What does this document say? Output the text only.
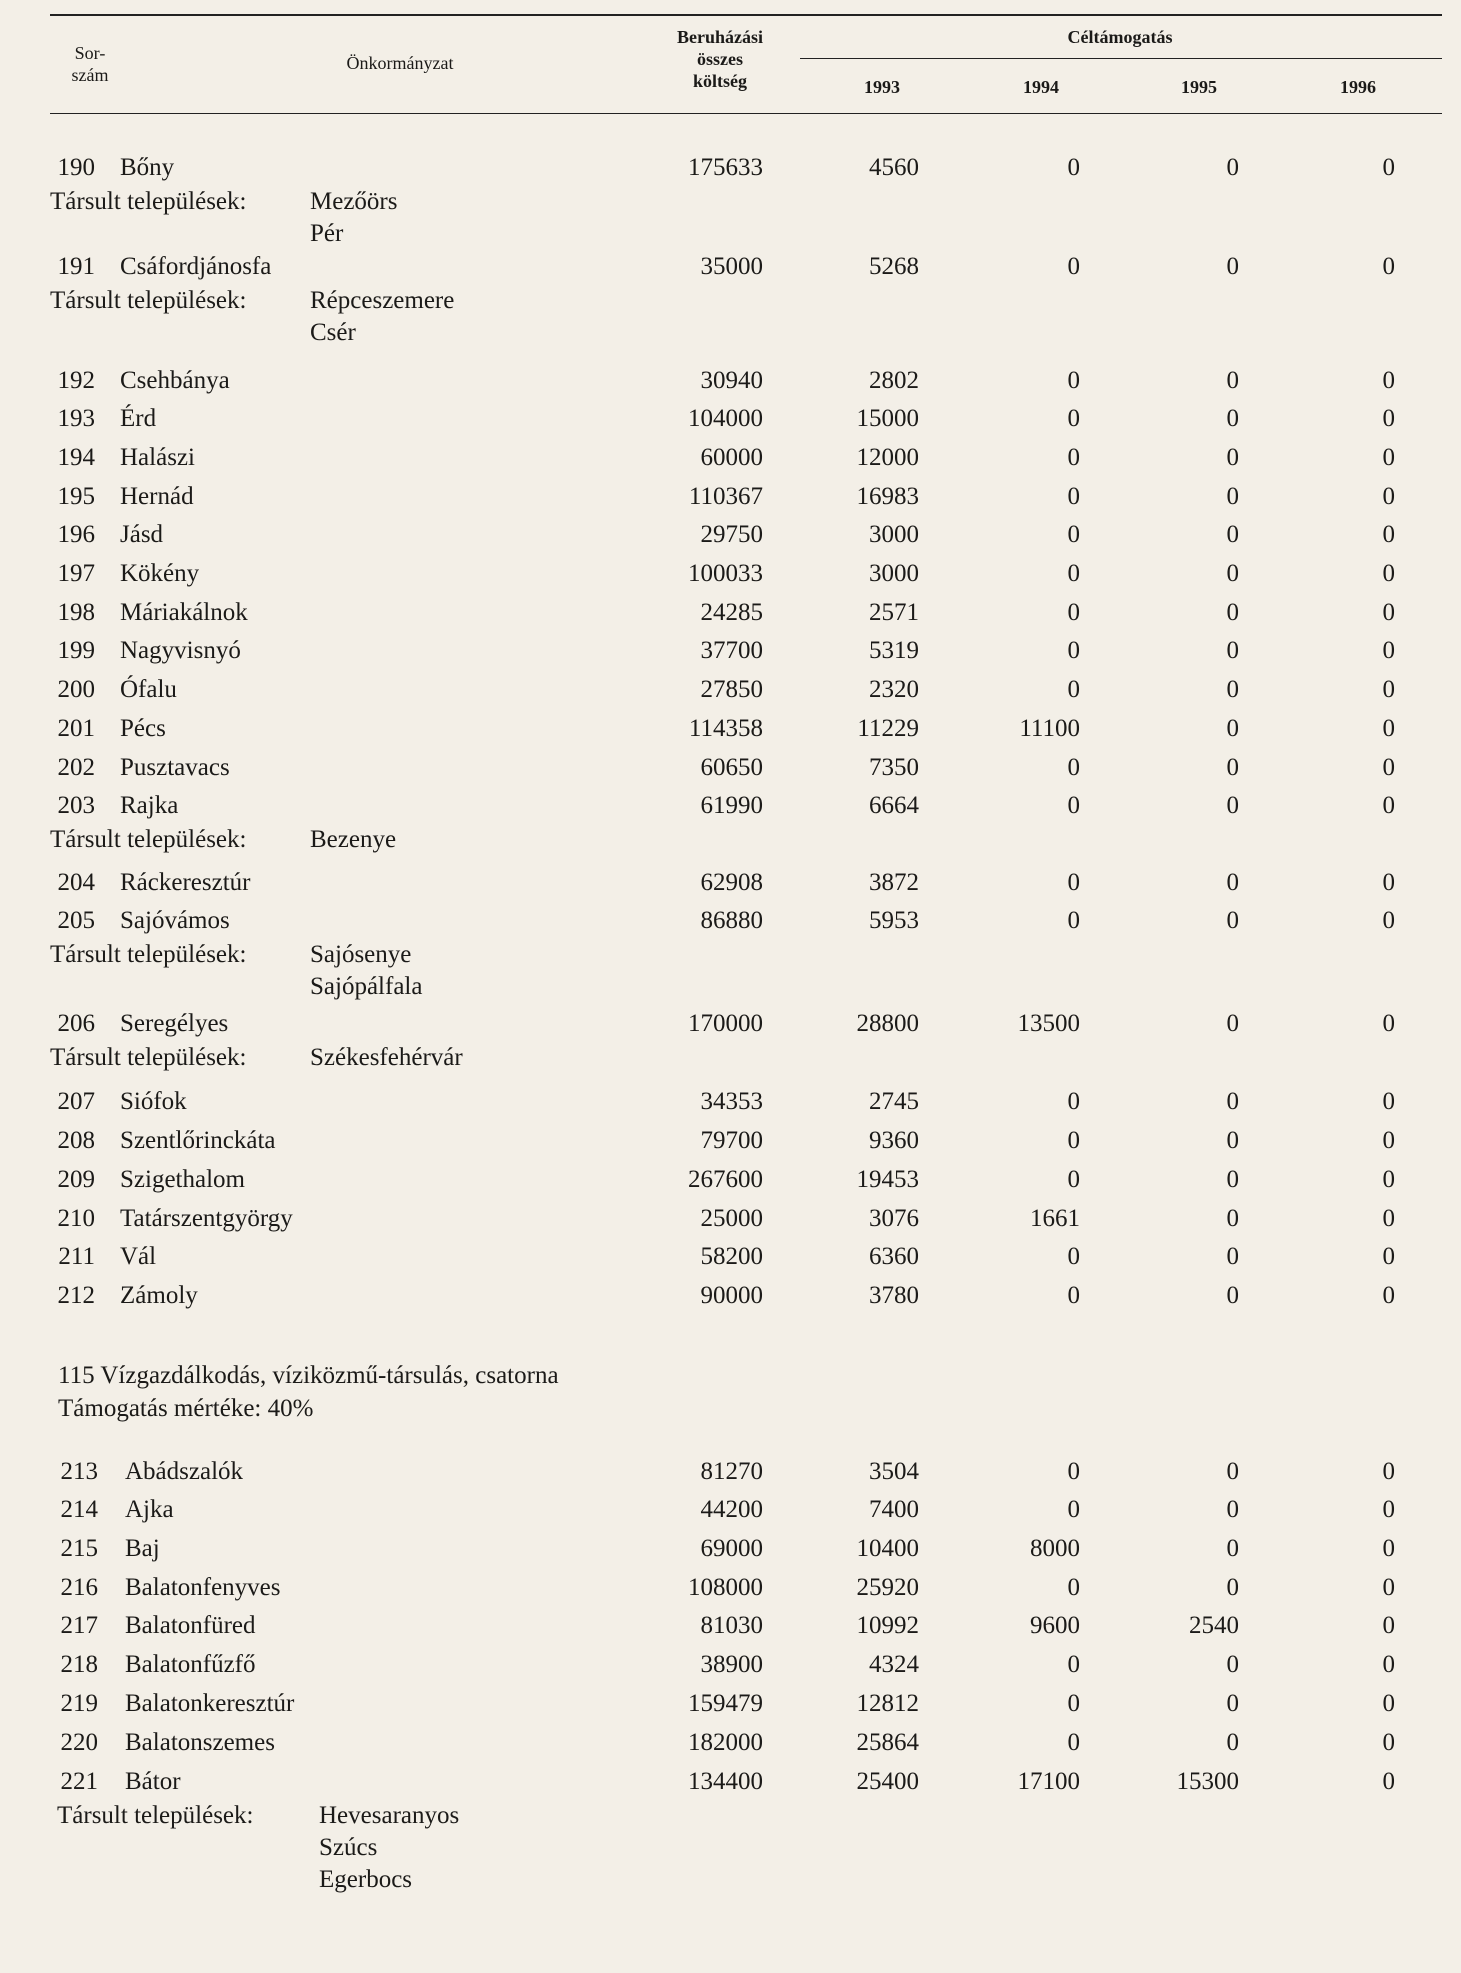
Sor-
szám
Önkormányzat
Beruházási
összes
költség
Céltámogatás
1993	1994	1995	1996
190 Bőny	175633	4560	0	0	0
Társult települések:	Mezőörs
Pér
191 Csáfordjánosfa	35000	5268	0	0	0
Társult települések:	Répceszemere
Csér
192 Csehbánya	30940	2802	0	0	0
193 Érd	104000	15000	0	0	0
194 Halászi	60000	12000	0	0	0
195 Hernád	110367	16983	0	0	0
196 Jásd	29750	3000	0	0	0
197 Kökény	100033	3000	0	0	0
198 Máriakálnok	24285	2571	0	0	0
199 Nagyvisnyó	37700	5319	0	0	0
200 Ófalu	27850	2320	0	0	0
201 Pécs	114358	11229	11100	0	0
202 Pusztavacs	60650	7350	0	0	0
203 Rajka	61990	6664	0	0	0
Társult települések:	Bezenye
204 Ráckeresztúr	62908	3872	0	0	0
205 Sajóvámos	86880	5953	0	0	0
Társult települések:	Sajósenye
Sajópálfala
206 Seregélyes	170000	28800	13500	0	0
Társult települések:	Székesfehérvár
207 Siófok	34353	2745	0	0	0
208 Szentlőrinckáta	79700	9360	0	0	0
209 Szigethalom	267600	19453	0	0	0
210 Tatárszentgyörgy	25000	3076	1661	0	0
211 Vál	58200	6360	0	0	0
212 Zámoly	90000	3780	0	0	0
115 Vízgazdálkodás, víziközmű-társulás, csatorna
Támogatás mértéke: 40%
213 Abádszalók	81270	3504	0	0	0
214 Ajka	44200	7400	0	0	0
215 Baj	69000	10400	8000	0	0
216 Balatonfenyves	108000	25920	0	0	0
217 Balatonfüred	81030	10992	9600	2540	0
218 Balatonfűzfő	38900	4324	0	0	0
219 Balatonkeresztúr	159479	12812	0	0	0
220 Balatonszemes	182000	25864	0	0	0
221 Bátor	134400	25400	17100	15300	0
Társult települések:	Hevesaranyos
Szúcs
Egerbocs
